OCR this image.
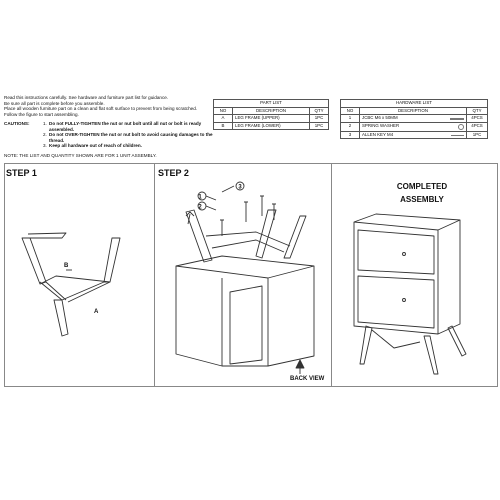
Read this instructions carefully. See hardware and furniture part list for guidance.
Be sure all part is complete before you assemble.
Place all wooden furniture part on a clean and flat soft surface to prevent from being scratched.
Follow the figure to start assembling.
CAUTIONS:	1. Do not FULLY-TIGHTEN the nut or nut bolt until all nut or bolt is ready assembled.
2. Do not OVER-TIGHTEN the nut or nut bolt to avoid causing damages to the thread.
3. Keep all hardware out of reach of children.
NOTE: THE LIST AND QUANTITY SHOWN ARE FOR 1 UNIT ASSEMBLY.
PART LIST		
NO	DESCRIPTION	QTY
A	LEG FRAME (UPPER)	1PC
B	LEG FRAME (LOWER)	1PC
HARDWARE LIST		
NO	DESCRIPTION	QTY
1	JCBC M6 x 50MM	4PCS
2	SPRING WASHER	4PCS
3	ALLEN KEY M4	1PC
STEP 1	STEP 2
COMPLETED
ASSEMBLY
B
A
1
2
3
BACK VIEW
